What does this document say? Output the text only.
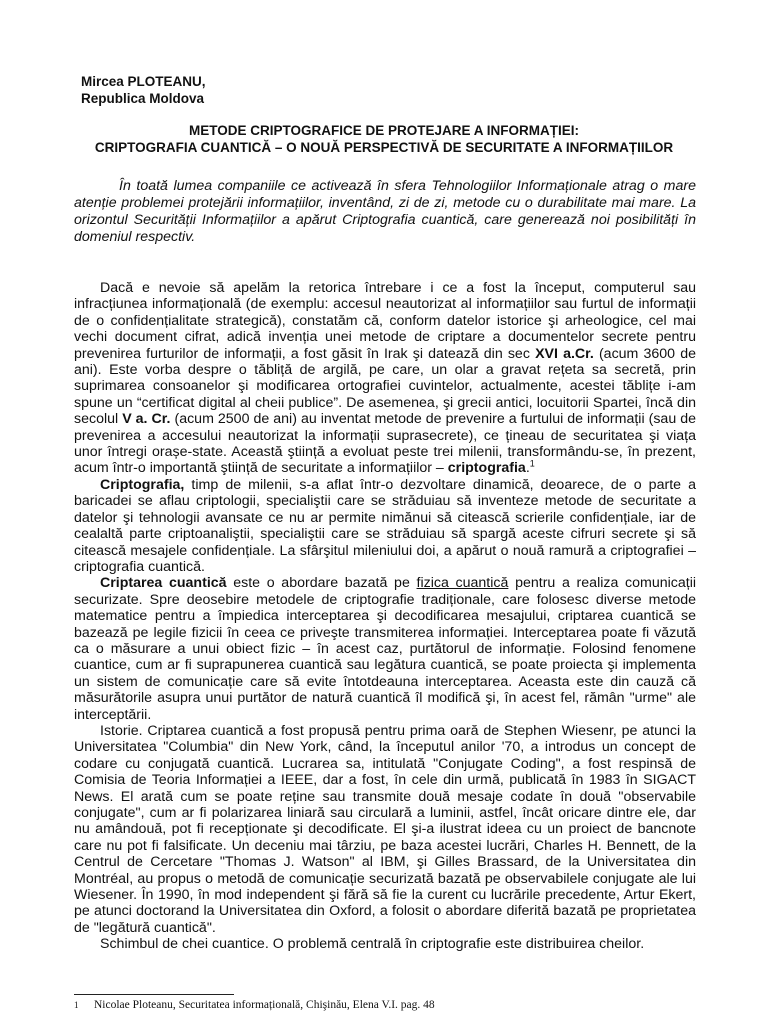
Mircea PLOTEANU,
Republica Moldova
METODE CRIPTOGRAFICE DE PROTEJARE A INFORMAȚIEI:
CRIPTOGRAFIA CUANTICĂ – O NOUĂ PERSPECTIVĂ DE SECURITATE A INFORMAȚIILOR
În toată lumea companiile ce activează în sfera Tehnologiilor Informaționale atrag o mare atenție problemei protejării informațiilor, inventând, zi de zi, metode cu o durabilitate mai mare. La orizontul Securității Informațiilor a apărut Criptografia cuantică, care generează noi posibilități în domeniul respectiv.

Dacă e nevoie să apelăm la retorica întrebare i ce a fost la început, computerul sau infracțiunea informațională (de exemplu: accesul neautorizat al informațiilor sau furtul de informații de o confidențialitate strategică), constatăm că, conform datelor istorice şi arheologice, cel mai vechi document cifrat, adică invenția unei metode de criptare a documentelor secrete pentru prevenirea furturilor de informații, a fost găsit în Irak şi datează din sec XVI a.Cr. (acum 3600 de ani). Este vorba despre o tăbliță de argilă, pe care, un olar a gravat rețeta sa secretă, prin suprimarea consoanelor şi modificarea ortografiei cuvintelor, actualmente, acestei tăblițe i-am spune un “certificat digital al cheii publice”. De asemenea, şi grecii antici, locuitorii Spartei, încă din secolul V a. Cr. (acum 2500 de ani) au inventat metode de prevenire a furtului de informații (sau de prevenirea a accesului neautorizat la informații suprasecrete), ce țineau de securitatea şi viața unor întregi orașe-state. Această ştiință a evoluat peste trei milenii, transformându-se, în prezent, acum într-o importantă ştiință de securitate a informațiilor – criptografia.$^1$

Criptografia, timp de milenii, s-a aflat într-o dezvoltare dinamică, deoarece, de o parte a baricadei se aflau criptologii, specialiştii care se străduiau să inventeze metode de securitate a datelor şi tehnologii avansate ce nu ar permite nimănui să citească scrierile confidențiale, iar de cealaltă parte criptoanaliştii, specialiştii care se străduiau să spargă aceste cifruri secrete şi să citească mesajele confidențiale. La sfârşitul mileniului doi, a apărut o nouă ramură a criptografiei – criptografia cuantică.

Criptarea cuantică este o abordare bazată pe fizica cuantică pentru a realiza comunicații securizate. Spre deosebire metodele de criptografie tradiționale, care folosesc diverse metode matematice pentru a împiedica interceptarea şi decodificarea mesajului, criptarea cuantică se bazează pe legile fizicii în ceea ce priveşte transmiterea informației. Interceptarea poate fi văzută ca o măsurare a unui obiect fizic – în acest caz, purtătorul de informație. Folosind fenomene cuantice, cum ar fi suprapunerea cuantică sau legătura cuantică, se poate proiecta şi implementa un sistem de comunicație care să evite întotdeauna interceptarea. Aceasta este din cauză că măsurătorile asupra unui purtător de natură cuantică îl modifică şi, în acest fel, rămân "urme" ale interceptării.

Istorie. Criptarea cuantică a fost propusă pentru prima oară de Stephen Wiesenr, pe atunci la Universitatea "Columbia" din New York, când, la începutul anilor '70, a introdus un concept de codare cu conjugată cuantică. Lucrarea sa, intitulată "Conjugate Coding", a fost respinsă de Comisia de Teoria Informației a IEEE, dar a fost, în cele din urmă, publicată în 1983 în SIGACT News. El arată cum se poate reține sau transmite două mesaje codate în două "observabile conjugate", cum ar fi polarizarea liniară sau circulară a luminii, astfel, încât oricare dintre ele, dar nu amândouă, pot fi recepționate şi decodificate. El şi-a ilustrat ideea cu un proiect de bancnote care nu pot fi falsificate. Un deceniu mai târziu, pe baza acestei lucrări, Charles H. Bennett, de la Centrul de Cercetare "Thomas J. Watson" al IBM, şi Gilles Brassard, de la Universitatea din Montréal, au propus o metodă de comunicație securizată bazată pe observabilele conjugate ale lui Wiesener. În 1990, în mod independent şi fără să fie la curent cu lucrările precedente, Artur Ekert, pe atunci doctorand la Universitatea din Oxford, a folosit o abordare diferită bazată pe proprietatea de "legătură cuantică".

Schimbul de chei cuantice. O problemă centrală în criptografie este distribuirea cheilor.

1 Nicolae Ploteanu, Securitatea informațională, Chişinău, Elena V.I. pag. 48
